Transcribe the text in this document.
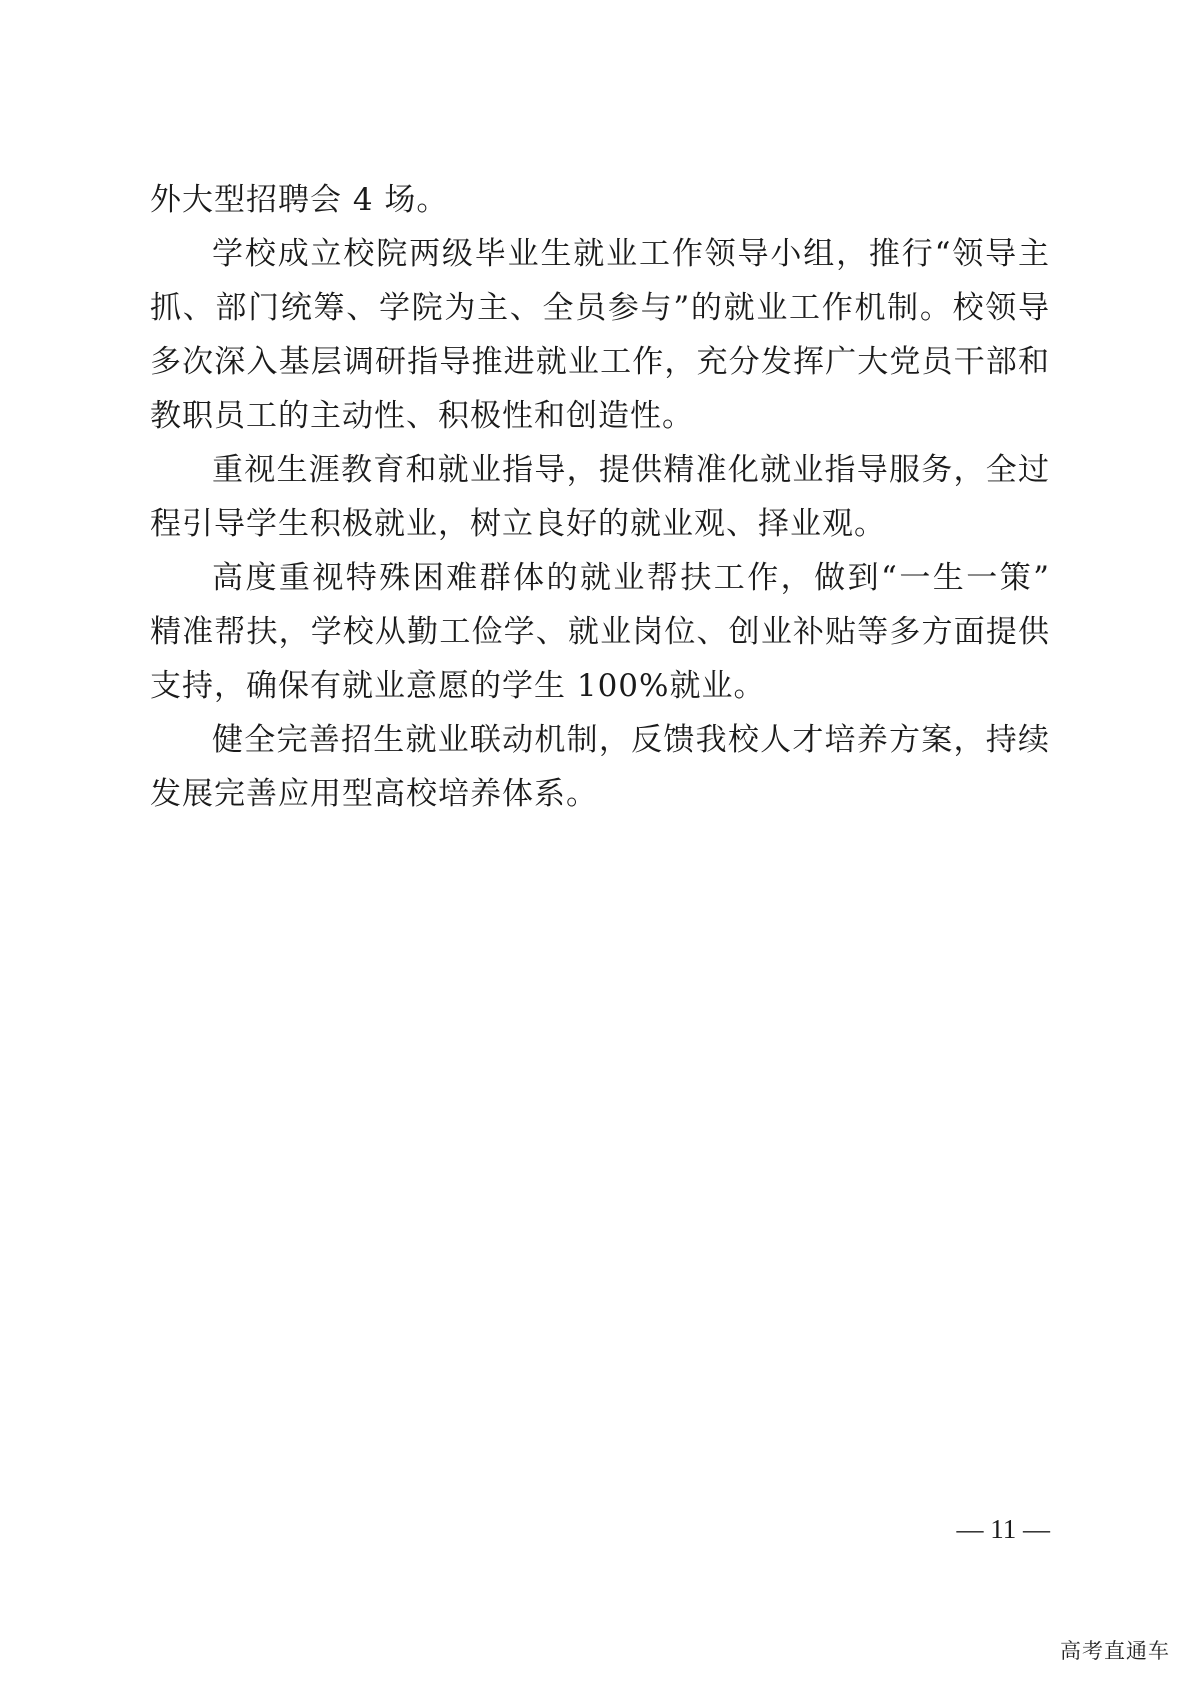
外大型招聘会 4 场。
学校成立校院两级毕业生就业工作领导小组，推行“领导主
抓、部门统筹、学院为主、全员参与”的就业工作机制。校领导
多次深入基层调研指导推进就业工作，充分发挥广大党员干部和
教职员工的主动性、积极性和创造性。
重视生涯教育和就业指导，提供精准化就业指导服务，全过
程引导学生积极就业，树立良好的就业观、择业观。
高度重视特殊困难群体的就业帮扶工作，做到“一生一策”
精准帮扶，学校从勤工俭学、就业岗位、创业补贴等多方面提供
支持，确保有就业意愿的学生 100%就业。
健全完善招生就业联动机制，反馈我校人才培养方案，持续
发展完善应用型高校培养体系。
— 11 —
高考直通车
